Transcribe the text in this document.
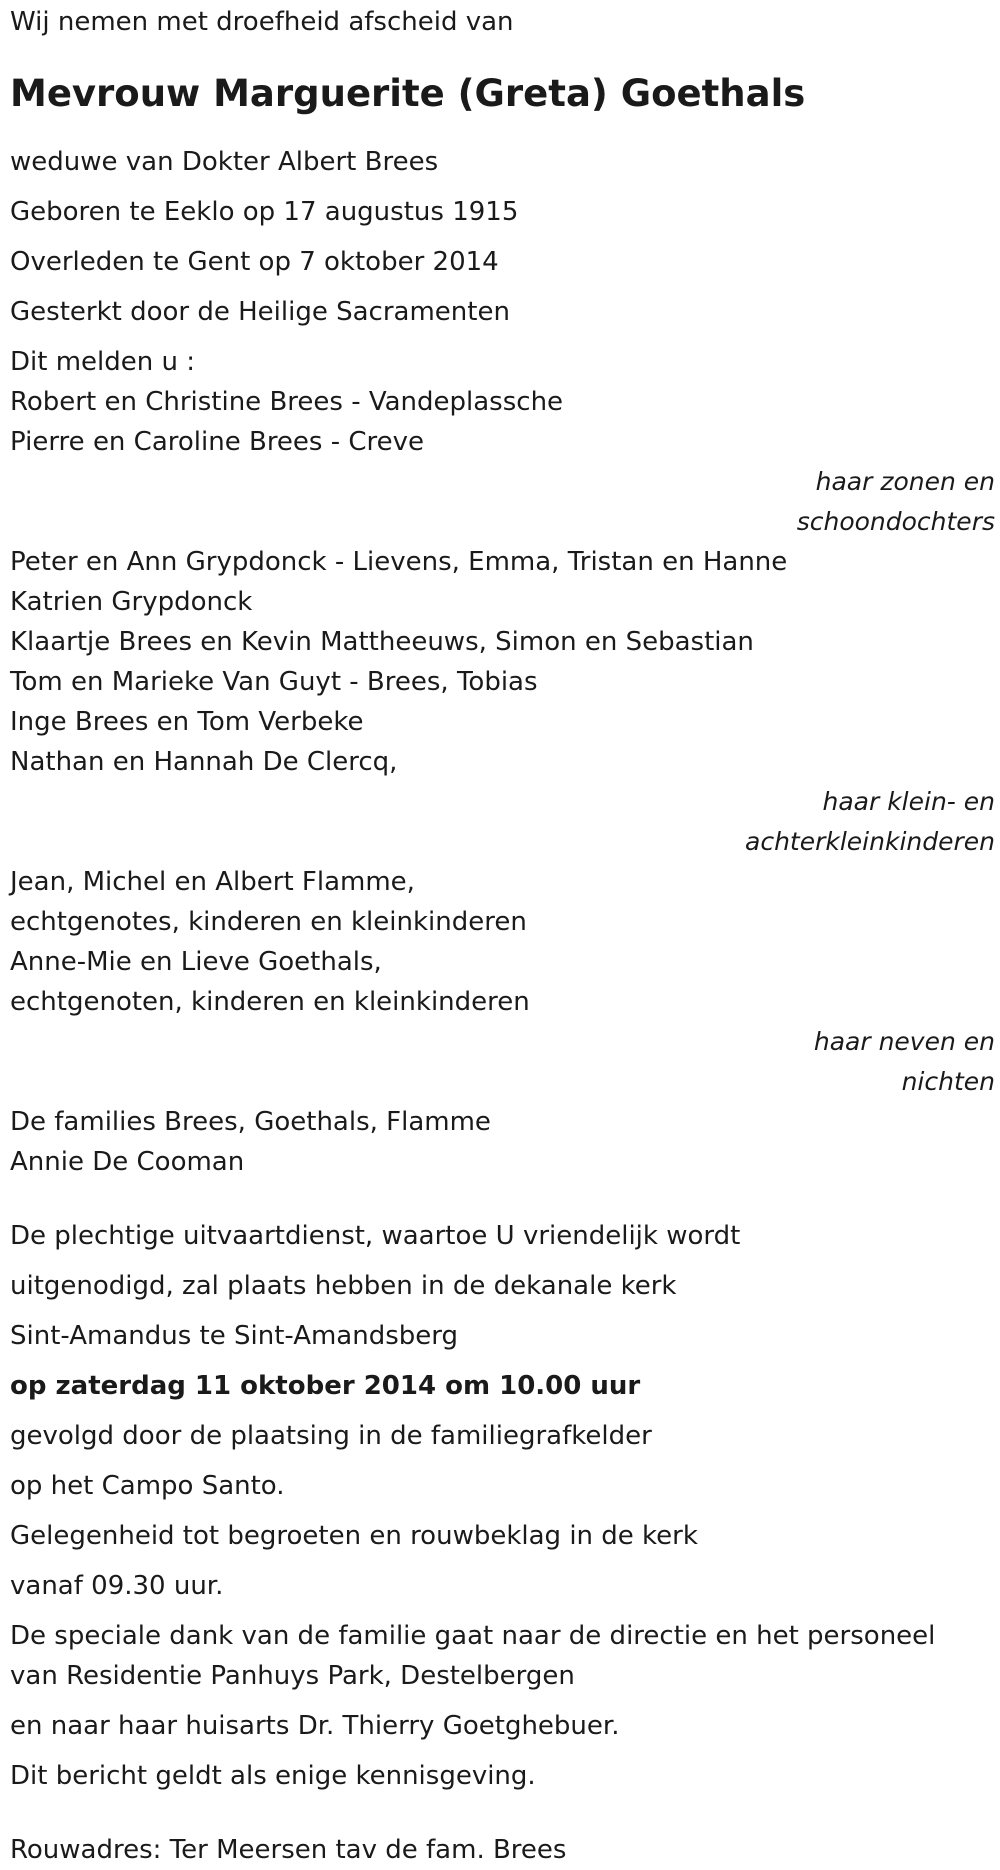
Wij nemen met droefheid afscheid van
Mevrouw Marguerite (Greta) Goethals
weduwe van Dokter Albert Brees
Geboren te Eeklo op 17 augustus 1915
Overleden te Gent op 7 oktober 2014
Gesterkt door de Heilige Sacramenten
Dit melden u :
Robert en Christine Brees - Vandeplassche
Pierre en Caroline Brees - Creve
haar zonen en
schoondochters
Peter en Ann Grypdonck - Lievens, Emma, Tristan en Hanne
Katrien Grypdonck
Klaartje Brees en Kevin Mattheeuws, Simon en Sebastian
Tom en Marieke Van Guyt - Brees, Tobias
Inge Brees en Tom Verbeke
Nathan en Hannah De Clercq,
haar klein- en
achterkleinkinderen
Jean, Michel en Albert Flamme,
echtgenotes, kinderen en kleinkinderen
Anne-Mie en Lieve Goethals,
echtgenoten, kinderen en kleinkinderen
haar neven en
nichten
De families Brees, Goethals, Flamme
Annie De Cooman
De plechtige uitvaartdienst, waartoe U vriendelijk wordt
uitgenodigd, zal plaats hebben in de dekanale kerk
Sint-Amandus te Sint-Amandsberg
op zaterdag 11 oktober 2014 om 10.00 uur
gevolgd door de plaatsing in de familiegrafkelder
op het Campo Santo.
Gelegenheid tot begroeten en rouwbeklag in de kerk
vanaf 09.30 uur.
De speciale dank van de familie gaat naar de directie en het personeel
van Residentie Panhuys Park, Destelbergen
en naar haar huisarts Dr. Thierry Goetghebuer.
Dit bericht geldt als enige kennisgeving.
Rouwadres: Ter Meersen tav de fam. Brees
